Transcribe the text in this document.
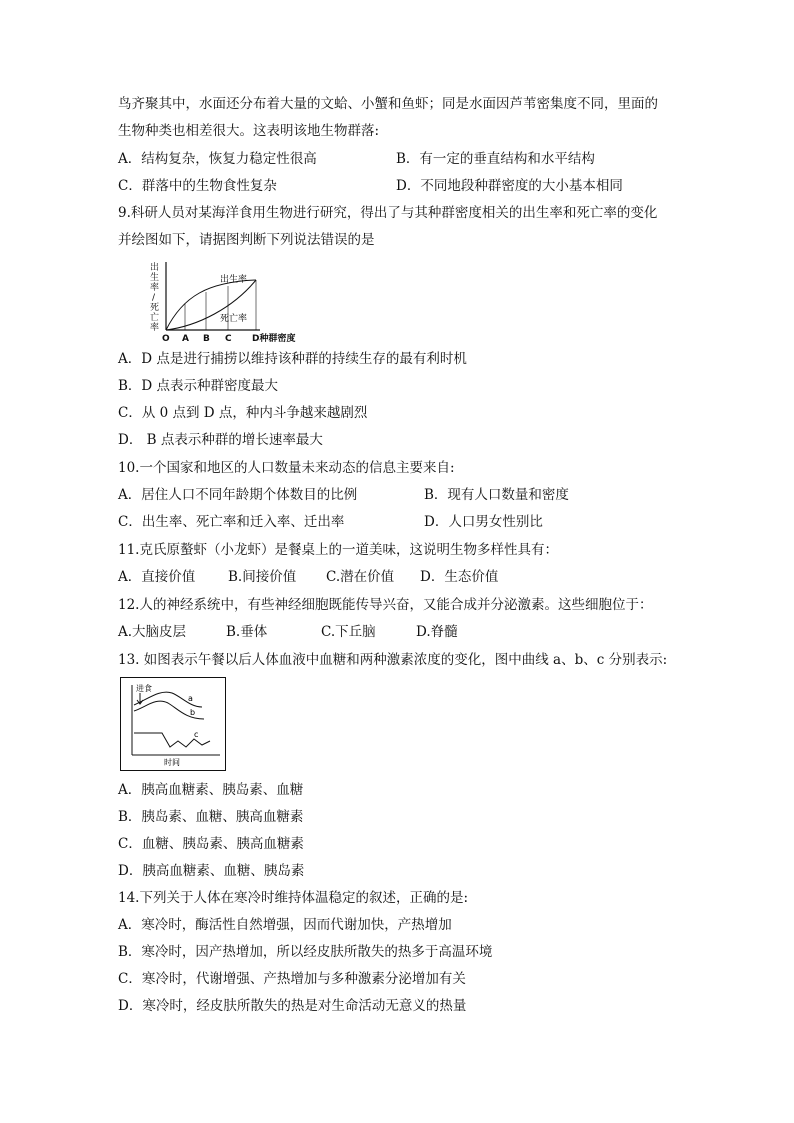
鸟齐聚其中，水面还分布着大量的文蛤、小蟹和鱼虾；同是水面因芦苇密集度不同，里面的
生物种类也相差很大。这表明该地生物群落:
A．结构复杂，恢复力稳定性很高	B．有一定的垂直结构和水平结构
C．群落中的生物食性复杂	D．不同地段种群密度的大小基本相同
9.科研人员对某海洋食用生物进行研究，得出了与其种群密度相关的出生率和死亡率的变化
并绘图如下，请据图判断下列说法错误的是
出
生
率
/
死
亡
率
出生率
死亡率
O A B C D种群密度
A．D 点是进行捕捞以维持该种群的持续生存的最有利时机
B．D 点表示种群密度最大
C．从 0 点到 D 点，种内斗争越来越剧烈
D． B 点表示种群的增长速率最大
10.一个国家和地区的人口数量未来动态的信息主要来自:
A．居住人口不同年龄期个体数目的比例	B．现有人口数量和密度
C．出生率、死亡率和迁入率、迁出率	D．人口男女性别比
11.克氏原螯虾（小龙虾）是餐桌上的一道美味，这说明生物多样性具有：
A．直接价值 B.间接价值 C.潜在价值 D．生态价值
12.人的神经系统中，有些神经细胞既能传导兴奋，又能合成并分泌激素。这些细胞位于：
A.大脑皮层	B.垂体	C.下丘脑	D.脊髓
13. 如图表示午餐以后人体血液中血糖和两种激素浓度的变化，图中曲线 a、b、c 分别表示:
进食
a
b
c
时间
A．胰高血糖素、胰岛素、血糖
B．胰岛素、血糖、胰高血糖素
C．血糖、胰岛素、胰高血糖素
D．胰高血糖素、血糖、胰岛素
14.下列关于人体在寒冷时维持体温稳定的叙述，正确的是:
A．寒冷时，酶活性自然增强，因而代谢加快，产热增加
B．寒冷时，因产热增加，所以经皮肤所散失的热多于高温环境
C．寒冷时，代谢增强、产热增加与多种激素分泌增加有关
D．寒冷时，经皮肤所散失的热是对生命活动无意义的热量
